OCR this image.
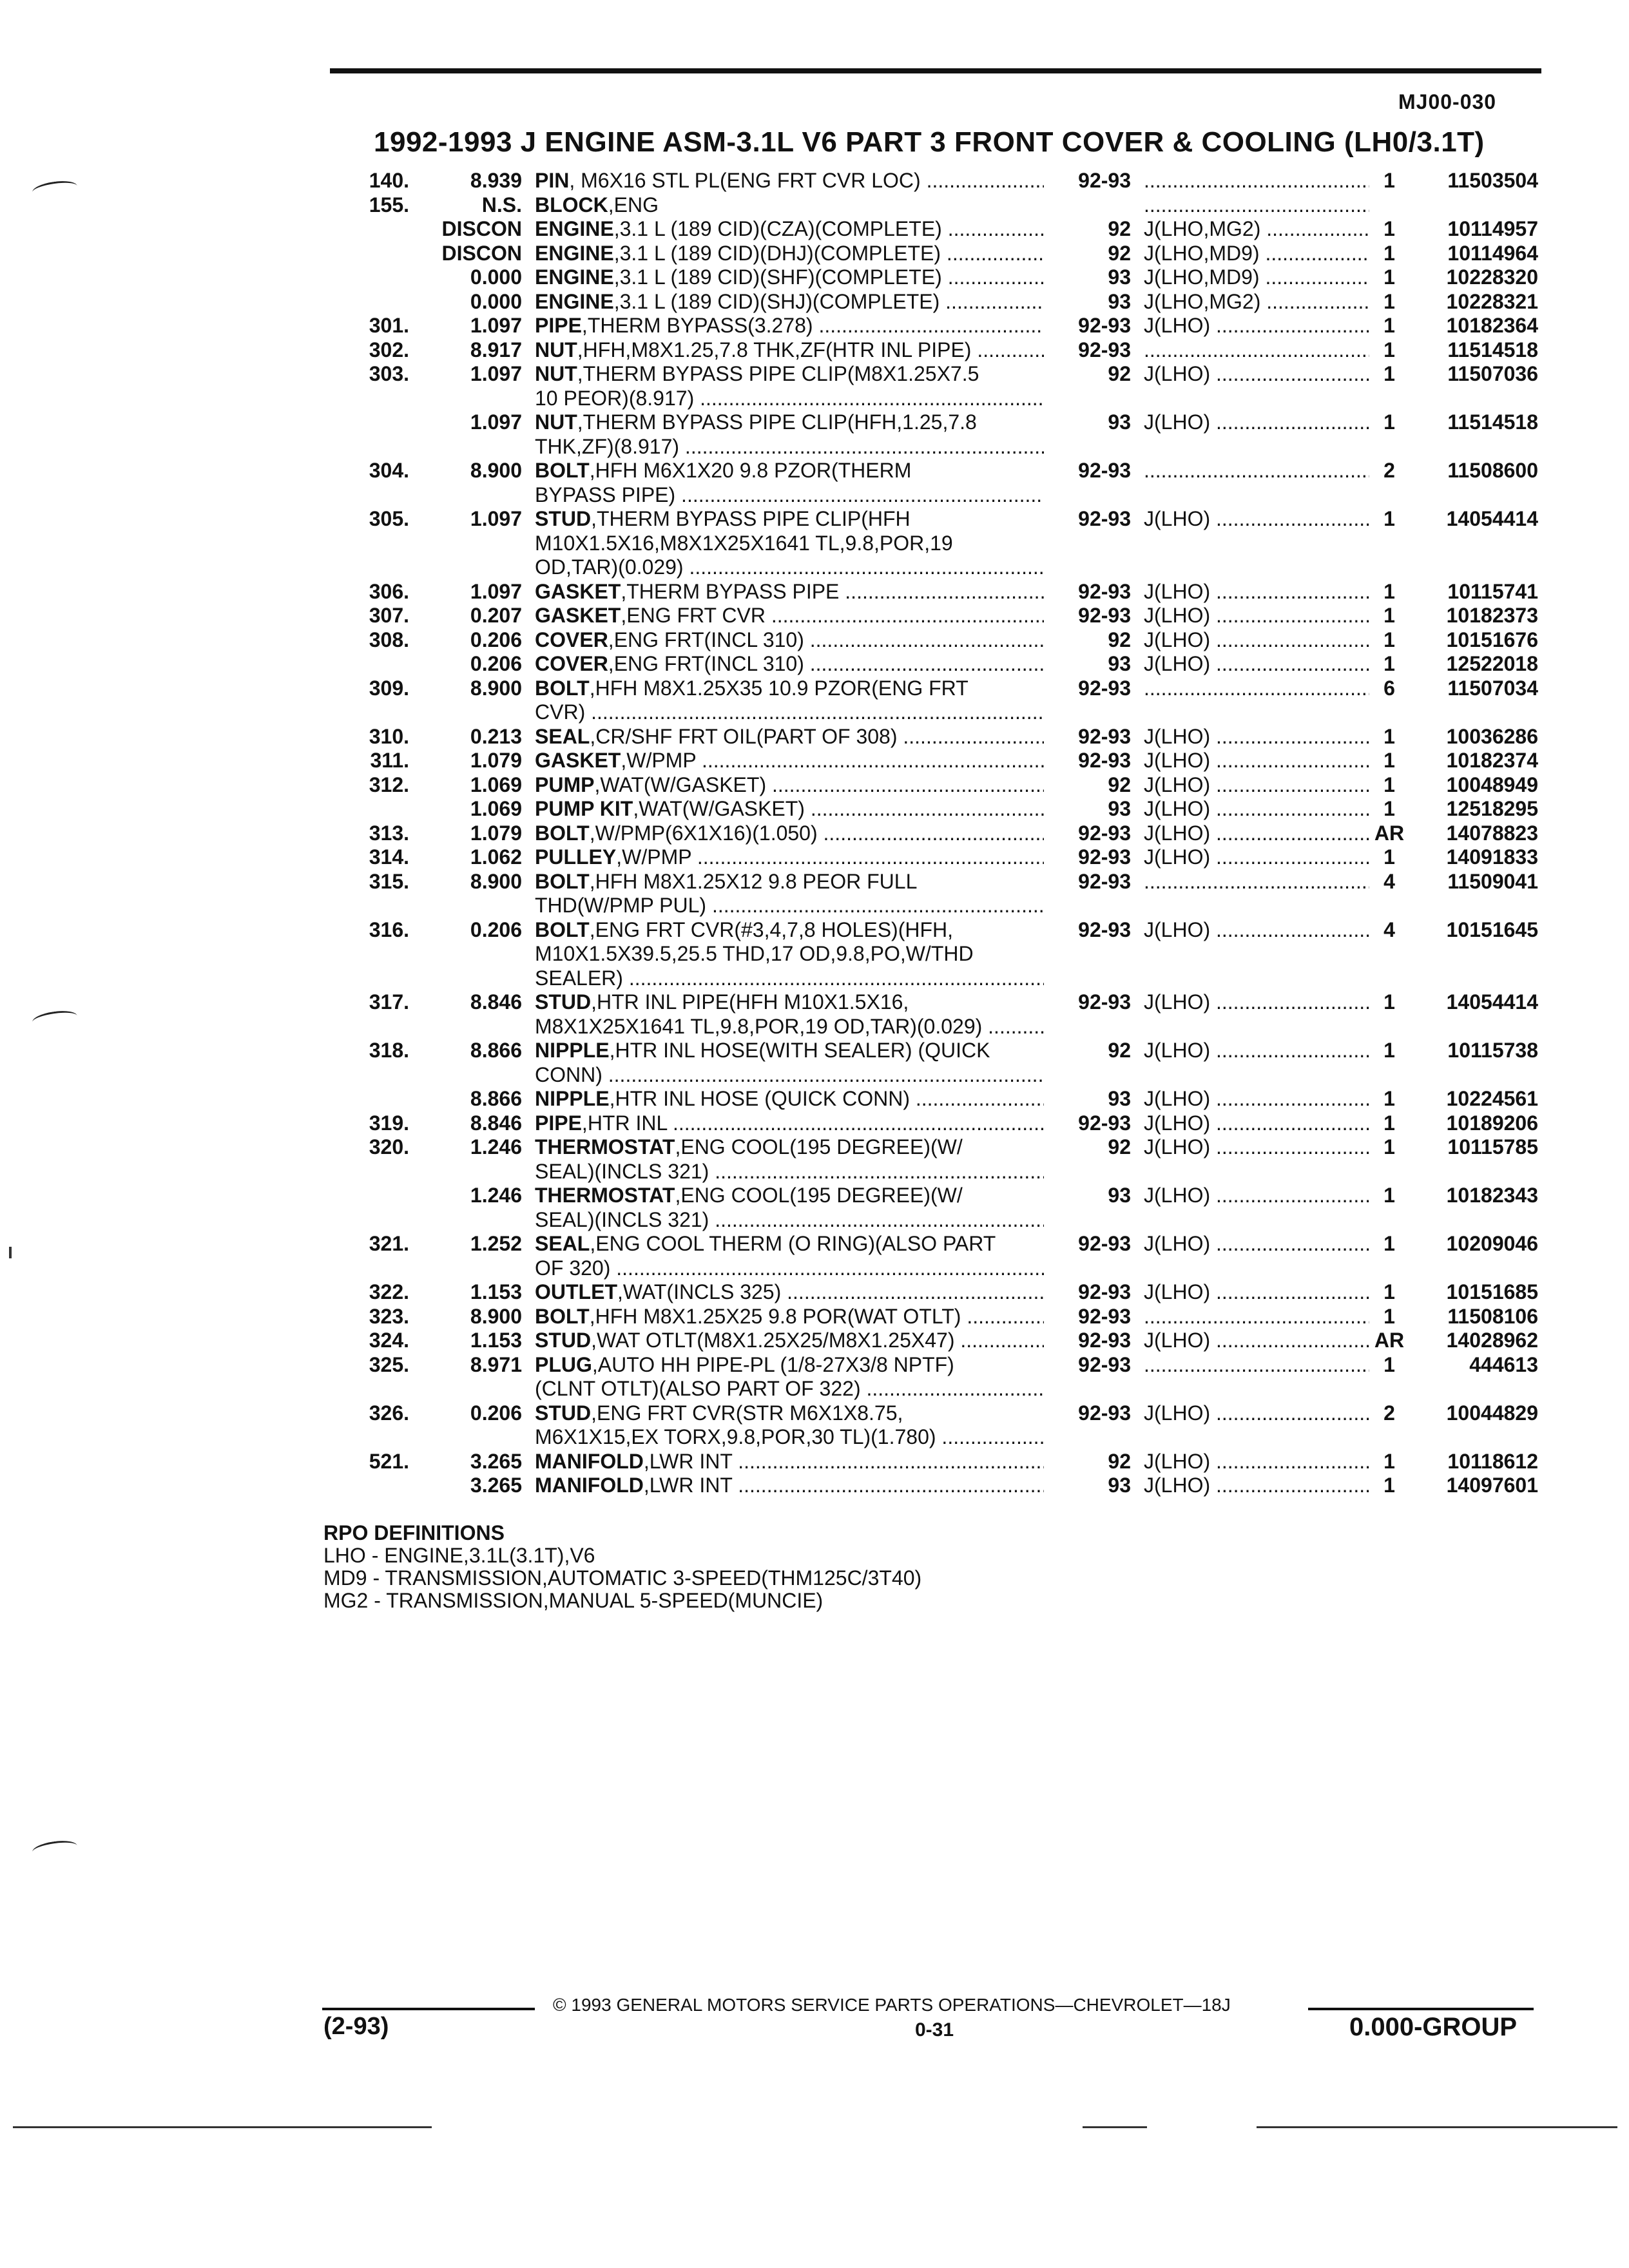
MJ00-030
1992-1993 J ENGINE ASM-3.1L V6 PART 3 FRONT COVER & COOLING (LH0/3.1T)
140.	8.939 PIN, M6X16 STL PL(ENG FRT CVR LOC) .....	92-93 .....	1	11503504
155.	N.S. BLOCK,ENG
.....
DISCON ENGINE,3.1 L (189 CID)(CZA)(COMPLETE) .....	92 J(LHO,MG2) .....	1	10114957
DISCON ENGINE,3.1 L (189 CID)(DHJ)(COMPLETE) .....	92 J(LHO,MD9) .....	1	10114964
0.000 ENGINE,3.1 L (189 CID)(SHF)(COMPLETE) .....	93 J(LHO,MD9) .....	1	10228320
0.000 ENGINE,3.1 L (189 CID)(SHJ)(COMPLETE) .....	93 J(LHO,MG2) .....	1	10228321
301.	1.097 PIPE,THERM BYPASS(3.278) .....	92-93 J(LHO) .....	1	10182364
302.	8.917 NUT,HFH,M8X1.25,7.8 THK,ZF(HTR INL PIPE) .....	92-93 .....	1	11514518
303.	1.097 NUT,THERM BYPASS PIPE CLIP(M8X1.25X7.5
10 PEOR)(8.917) .....
92 J(LHO) .....	1	11507036
1.097 NUT,THERM BYPASS PIPE CLIP(HFH,1.25,7.8
THK,ZF)(8.917) .....
93 J(LHO) .....	1	11514518
304.	8.900 BOLT,HFH M6X1X20 9.8 PZOR(THERM
BYPASS PIPE) .....
92-93 .....	2	11508600
305.	1.097 STUD,THERM BYPASS PIPE CLIP(HFH
M10X1.5X16,M8X1X25X1641 TL,9.8,POR,19
OD,TAR)(0.029) .....
92-93 J(LHO) .....	1	14054414
306.	1.097 GASKET,THERM BYPASS PIPE .....	92-93 J(LHO) .....	1	10115741
307.	0.207 GASKET,ENG FRT CVR .....	92-93 J(LHO) .....	1	10182373
308.	0.206 COVER,ENG FRT(INCL 310) .....	92 J(LHO) .....	1	10151676
0.206 COVER,ENG FRT(INCL 310) .....	93 J(LHO) .....	1	12522018
309.	8.900 BOLT,HFH M8X1.25X35 10.9 PZOR(ENG FRT
CVR) .....
92-93 .....	6	11507034
310.	0.213 SEAL,CR/SHF FRT OIL(PART OF 308) .....	92-93 J(LHO) .....	1	10036286
311.	1.079 GASKET,W/PMP .....	92-93 J(LHO) .....	1	10182374
312.	1.069 PUMP,WAT(W/GASKET) .....	92 J(LHO) .....	1	10048949
1.069 PUMP KIT,WAT(W/GASKET) .....	93 J(LHO) .....	1	12518295
313.	1.079 BOLT,W/PMP(6X1X16)(1.050) .....	92-93 J(LHO) .....	AR	14078823
314.	1.062 PULLEY,W/PMP .....	92-93 J(LHO) .....	1	14091833
315.	8.900 BOLT,HFH M8X1.25X12 9.8 PEOR FULL
THD(W/PMP PUL) .....
92-93 .....	4	11509041
316.	0.206 BOLT,ENG FRT CVR(#3,4,7,8 HOLES)(HFH,
M10X1.5X39.5,25.5 THD,17 OD,9.8,PO,W/THD
SEALER) .....
92-93 J(LHO) .....	4	10151645
317.	8.846 STUD,HTR INL PIPE(HFH M10X1.5X16,
M8X1X25X1641 TL,9.8,POR,19 OD,TAR)(0.029) .....
92-93 J(LHO) .....	1	14054414
318.	8.866 NIPPLE,HTR INL HOSE(WITH SEALER) (QUICK
CONN) .....
92 J(LHO) .....	1	10115738
8.866 NIPPLE,HTR INL HOSE (QUICK CONN) .....	93 J(LHO) .....	1	10224561
319.	8.846 PIPE,HTR INL .....	92-93 J(LHO) .....	1	10189206
320.	1.246 THERMOSTAT,ENG COOL(195 DEGREE)(W/
SEAL)(INCLS 321) .....
92 J(LHO) .....	1	10115785
1.246 THERMOSTAT,ENG COOL(195 DEGREE)(W/
SEAL)(INCLS 321) .....
93 J(LHO) .....	1	10182343
321.	1.252 SEAL,ENG COOL THERM (O RING)(ALSO PART
OF 320) .....
92-93 J(LHO) .....	1	10209046
322.	1.153 OUTLET,WAT(INCLS 325) .....	92-93 J(LHO) .....	1	10151685
323.	8.900 BOLT,HFH M8X1.25X25 9.8 POR(WAT OTLT) .....	92-93 .....	1	11508106
324.	1.153 STUD,WAT OTLT(M8X1.25X25/M8X1.25X47) .....	92-93 J(LHO) .....	AR	14028962
325.	8.971 PLUG,AUTO HH PIPE-PL (1/8-27X3/8 NPTF)
(CLNT OTLT)(ALSO PART OF 322) .....
92-93 .....	1	444613
326.	0.206 STUD,ENG FRT CVR(STR M6X1X8.75,
M6X1X15,EX TORX,9.8,POR,30 TL)(1.780) .....
92-93 J(LHO) .....	2	10044829
521.	3.265 MANIFOLD,LWR INT .....	92 J(LHO) .....	1	10118612
3.265 MANIFOLD,LWR INT .....	93 J(LHO) .....	1	14097601
RPO DEFINITIONS
LHO - ENGINE,3.1L(3.1T),V6
MD9 - TRANSMISSION,AUTOMATIC 3-SPEED(THM125C/3T40)
MG2 - TRANSMISSION,MANUAL 5-SPEED(MUNCIE)
© 1993 GENERAL MOTORS SERVICE PARTS OPERATIONS—CHEVROLET—18J
(2-93)	0-31	0.000-GROUP
